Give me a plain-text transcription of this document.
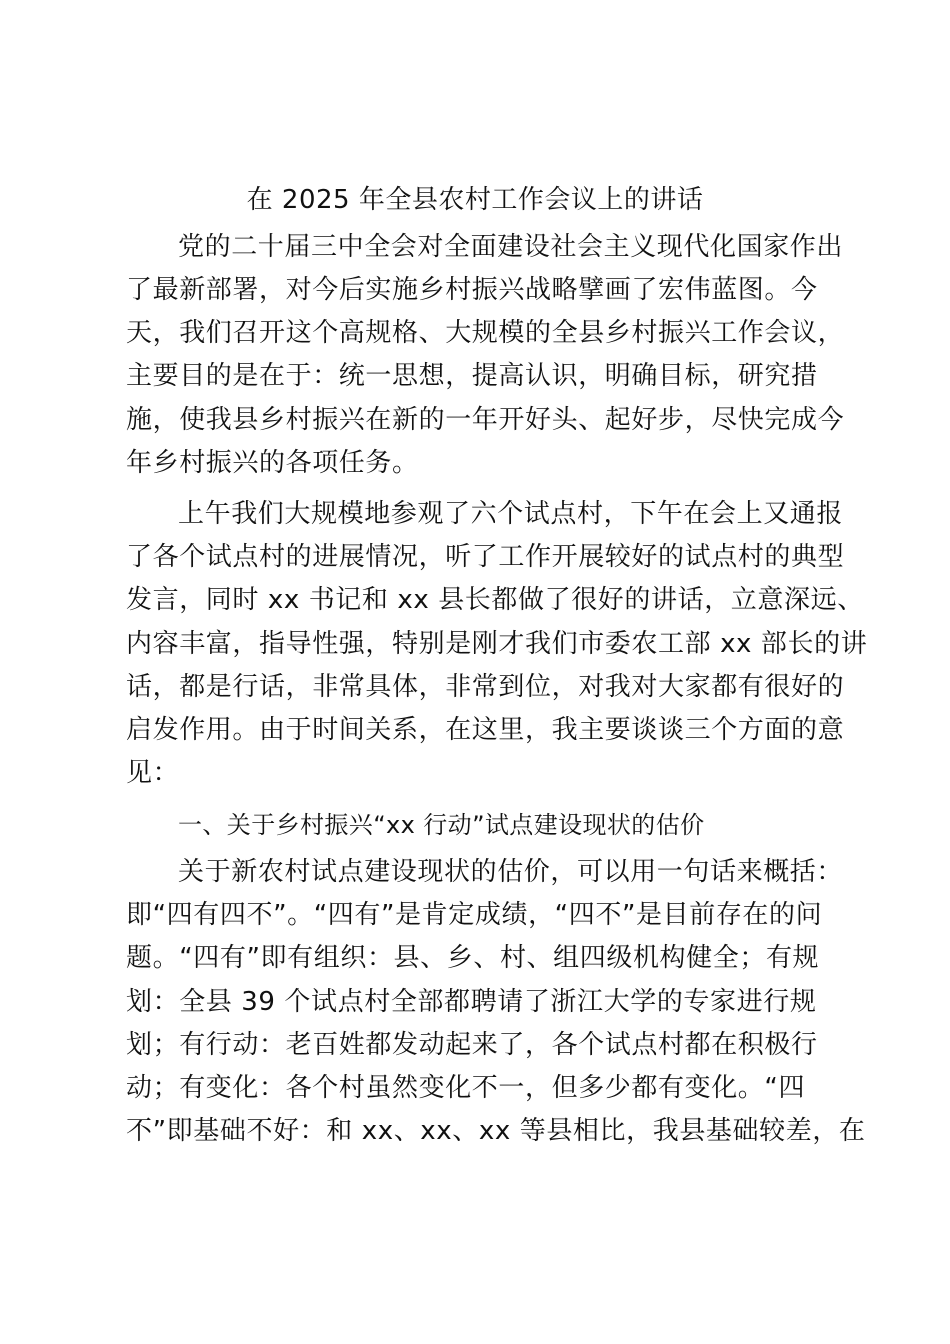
在 2025 年全县农村工作会议上的讲话
党的二十届三中全会对全面建设社会主义现代化国家作出
了最新部署，对今后实施乡村振兴战略擘画了宏伟蓝图。今
天，我们召开这个高规格、大规模的全县乡村振兴工作会议，
主要目的是在于：统一思想，提高认识，明确目标，研究措
施，使我县乡村振兴在新的一年开好头、起好步，尽快完成今
年乡村振兴的各项任务。
上午我们大规模地参观了六个试点村，下午在会上又通报
了各个试点村的进展情况，听了工作开展较好的试点村的典型
发言，同时 xx 书记和 xx 县长都做了很好的讲话，立意深远、
内容丰富，指导性强，特别是刚才我们市委农工部 xx 部长的讲
话，都是行话，非常具体，非常到位，对我对大家都有很好的
启发作用。由于时间关系，在这里，我主要谈谈三个方面的意
见：
一、关于乡村振兴“xx 行动”试点建设现状的估价
关于新农村试点建设现状的估价，可以用一句话来概括：
即“四有四不”。“四有”是肯定成绩，“四不”是目前存在的问
题。“四有”即有组织：县、乡、村、组四级机构健全；有规
划：全县 39 个试点村全部都聘请了浙江大学的专家进行规
划；有行动：老百姓都发动起来了，各个试点村都在积极行
动；有变化：各个村虽然变化不一，但多少都有变化。“四
不”即基础不好：和 xx、xx、xx 等县相比，我县基础较差，在
